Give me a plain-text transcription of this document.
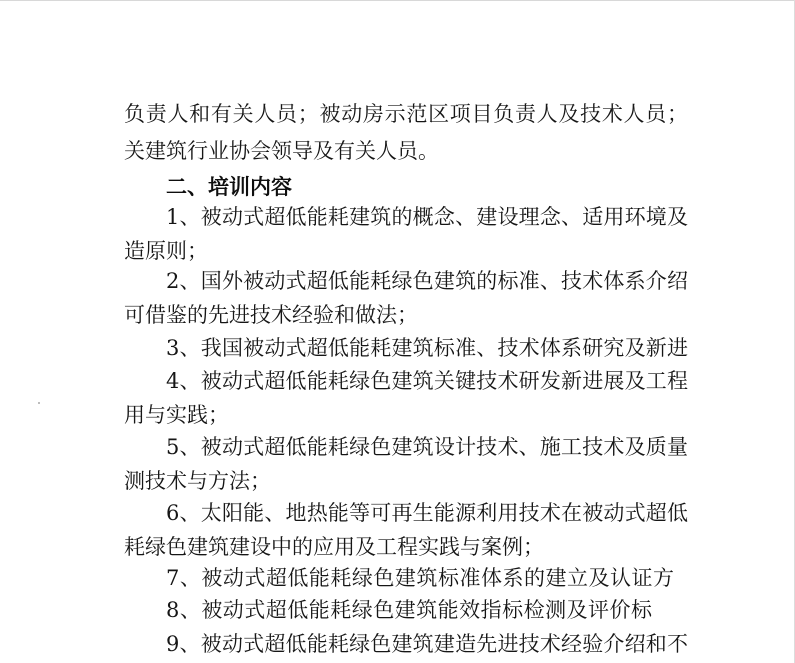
负责人和有关人员；被动房示范区项目负责人及技术人员；

关建筑行业协会领导及有关人员。

二、培训内容

1、被动式超低能耗建筑的概念、建设理念、适用环境及

造原则；

2、国外被动式超低能耗绿色建筑的标准、技术体系介绍

可借鉴的先进技术经验和做法；

3、我国被动式超低能耗建筑标准、技术体系研究及新进

4、被动式超低能耗绿色建筑关键技术研发新进展及工程

用与实践；

5、被动式超低能耗绿色建筑设计技术、施工技术及质量

测技术与方法；

6、太阳能、地热能等可再生能源利用技术在被动式超低

耗绿色建筑建设中的应用及工程实践与案例；

7、被动式超低能耗绿色建筑标准体系的建立及认证方

8、被动式超低能耗绿色建筑能效指标检测及评价标

9、被动式超低能耗绿色建筑建造先进技术经验介绍和不
